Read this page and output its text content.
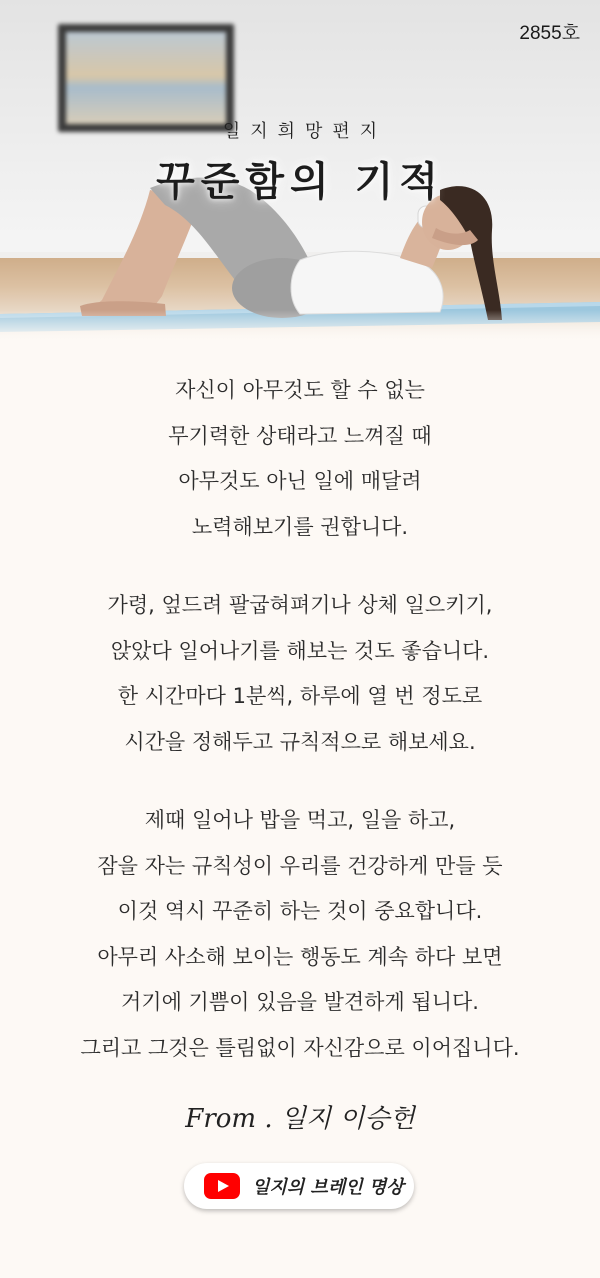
2855호
일지희망편지
꾸준함의 기적
자신이 아무것도 할 수 없는
무기력한 상태라고 느껴질 때
아무것도 아닌 일에 매달려
노력해보기를 권합니다.
가령, 엎드려 팔굽혀펴기나 상체 일으키기,
앉았다 일어나기를 해보는 것도 좋습니다.
한 시간마다 1분씩, 하루에 열 번 정도로
시간을 정해두고 규칙적으로 해보세요.
제때 일어나 밥을 먹고, 일을 하고,
잠을 자는 규칙성이 우리를 건강하게 만들 듯
이것 역시 꾸준히 하는 것이 중요합니다.
아무리 사소해 보이는 행동도 계속 하다 보면
거기에 기쁨이 있음을 발견하게 됩니다.
그리고 그것은 틀림없이 자신감으로 이어집니다.
From . 일지 이승헌
일지의 브레인 명상
